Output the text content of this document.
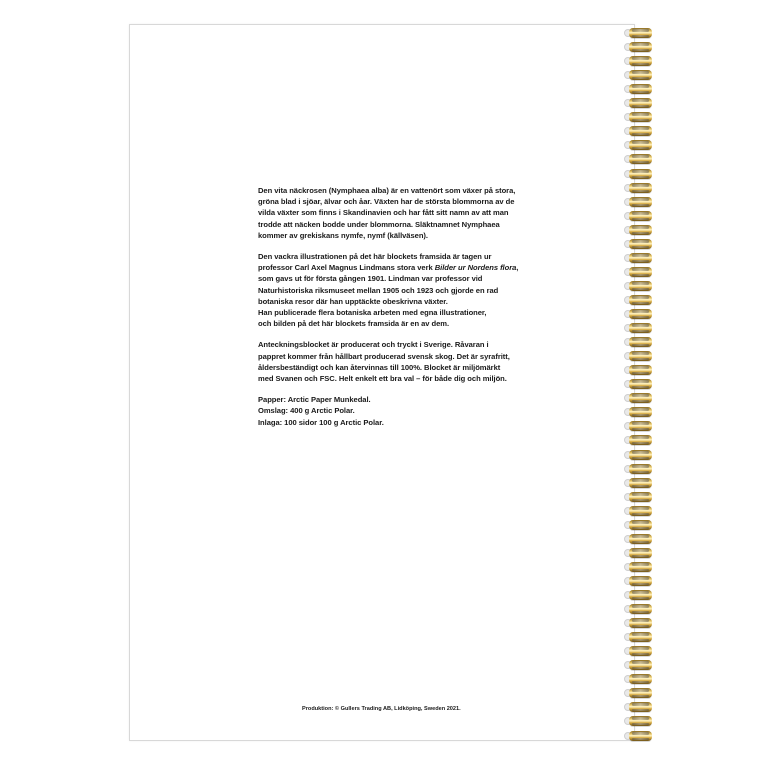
Den vita näckrosen (Nymphaea alba) är en vattenört som växer på stora,
gröna blad i sjöar, älvar och åar. Växten har de största blommorna av de
vilda växter som finns i Skandinavien och har fått sitt namn av att man
trodde att näcken bodde under blommorna. Släktnamnet Nymphaea
kommer av grekiskans nymfe, nymf (källväsen).

Den vackra illustrationen på det här blockets framsida är tagen ur
professor Carl Axel Magnus Lindmans stora verk Bilder ur Nordens flora,
som gavs ut för första gången 1901. Lindman var professor vid
Naturhistoriska riksmuseet mellan 1905 och 1923 och gjorde en rad
botaniska resor där han upptäckte obeskrivna växter.
Han publicerade flera botaniska arbeten med egna illustrationer,
och bilden på det här blockets framsida är en av dem.

Anteckningsblocket är producerat och tryckt i Sverige. Råvaran i
pappret kommer från hållbart producerad svensk skog. Det är syrafritt,
åldersbeständigt och kan återvinnas till 100%. Blocket är miljömärkt
med Svanen och FSC. Helt enkelt ett bra val – för både dig och miljön.

Papper: Arctic Paper Munkedal.
Omslag: 400 g Arctic Polar.
Inlaga: 100 sidor 100 g Arctic Polar.

Produktion: © Gullers Trading AB, Lidköping, Sweden 2021.
